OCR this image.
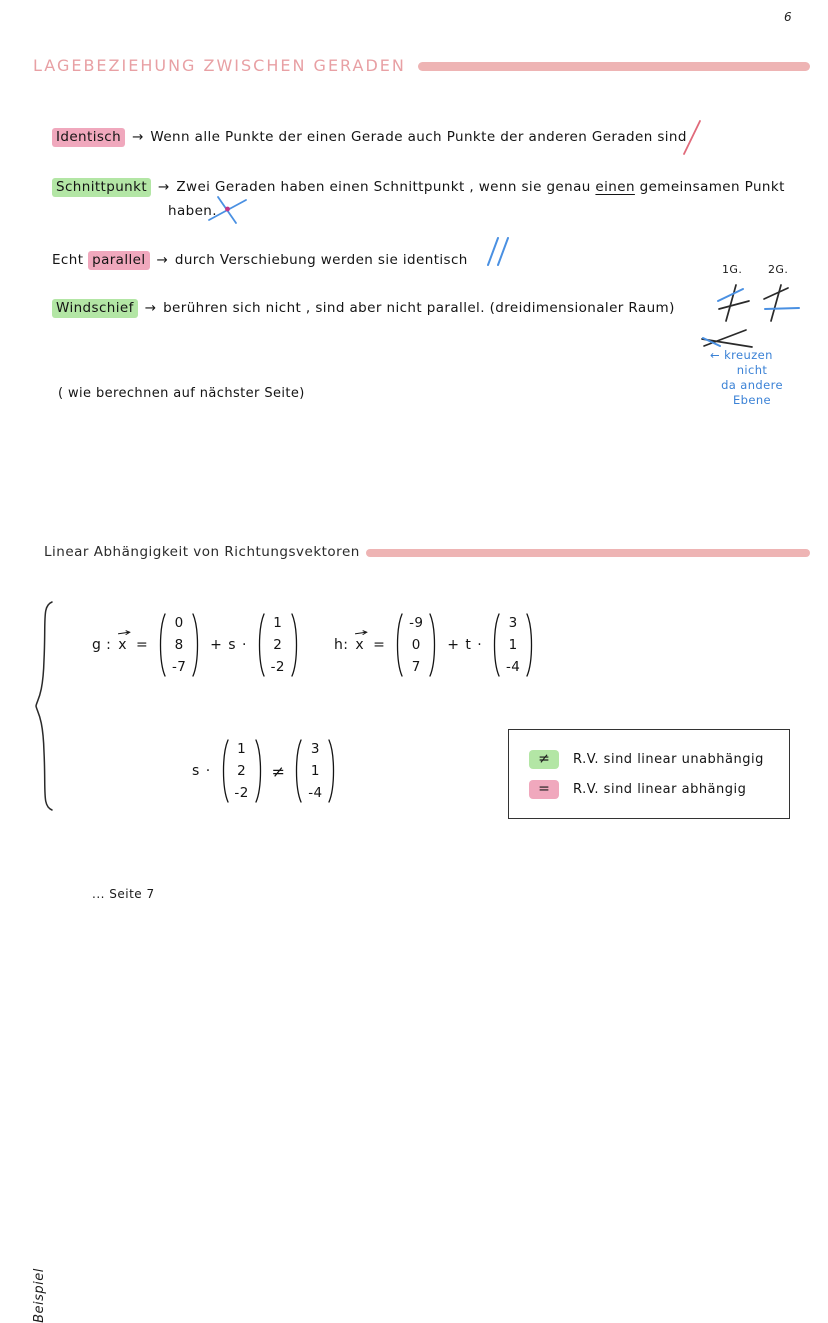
6
LAGEBEZIEHUNG ZWISCHEN GERADEN
Identisch → Wenn alle Punkte der einen Gerade auch Punkte der anderen Geraden sind
Schnittpunkt → Zwei Geraden haben einen Schnittpunkt , wenn sie genau einen gemeinsamen Punkt
haben.
Echt parallel → durch Verschiebung werden sie identisch
Windschief → berühren sich nicht , sind aber nicht parallel. (dreidimensionaler Raum)
1G. 2G.
← kreuzen
nicht
da andere
Ebene
( wie berechnen auf nächster Seite)
Linear Abhängigkeit von Richtungsvektoren
Beispiel
g : x =
0
8
-7
+ s ·
1
2
-2
h: x =
-9
0
7
+ t ·
3
1
-4
s ·
1
2
-2
≠
3
1
-4
≠	R.V. sind linear unabhängig
=	R.V. sind linear abhängig
... Seite 7
